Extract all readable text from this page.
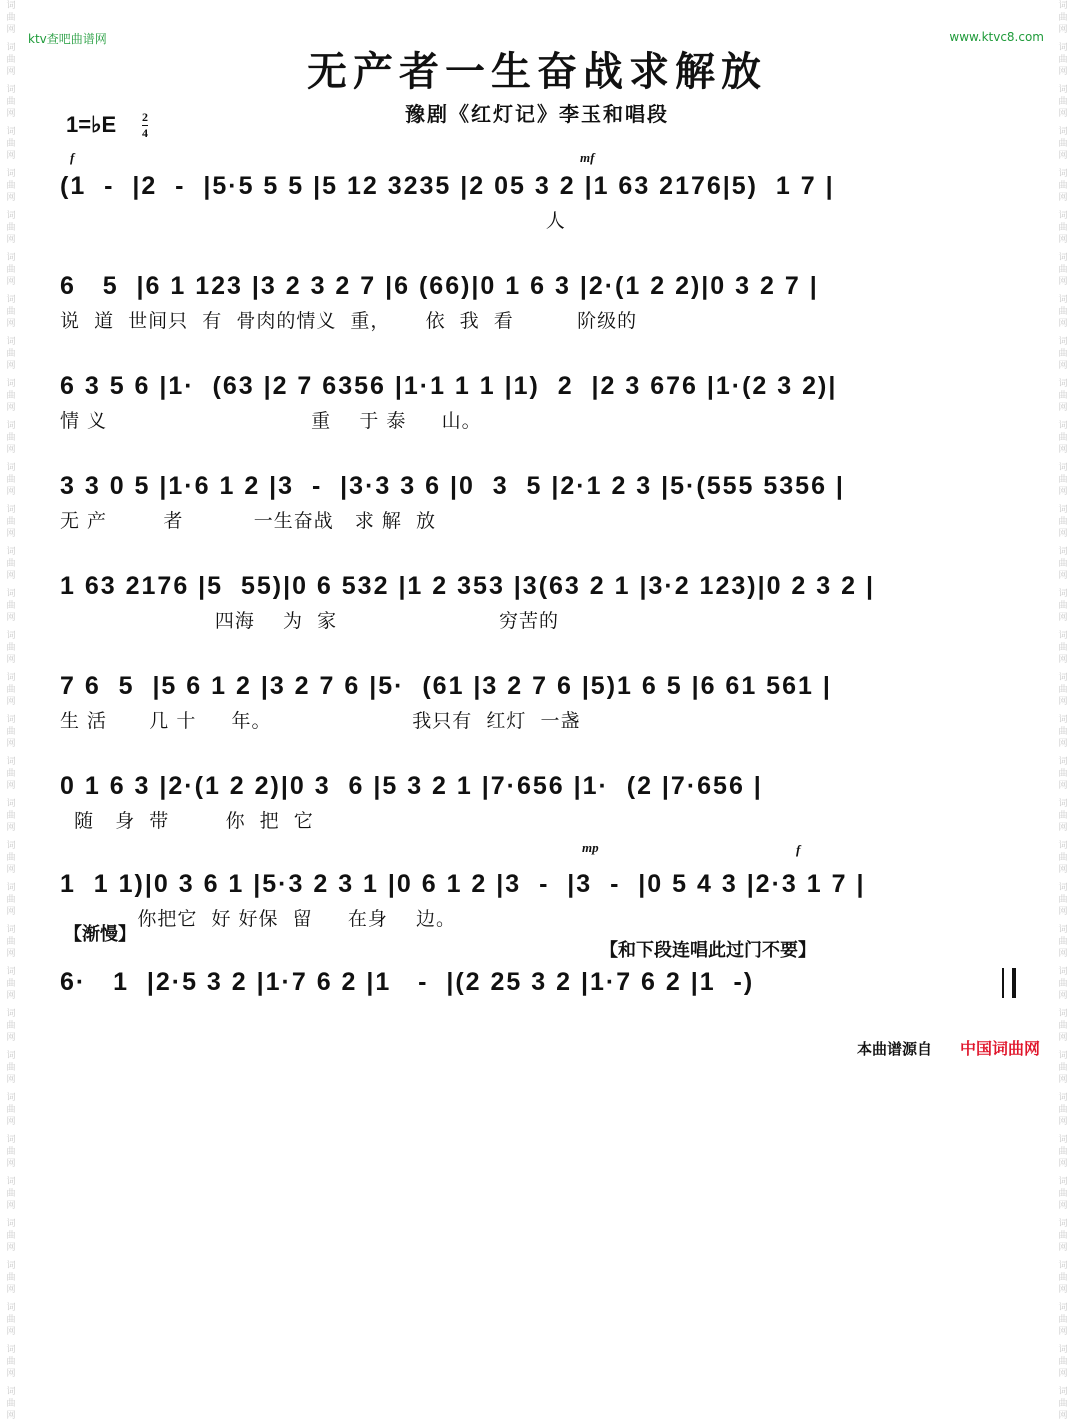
词
曲
网
词
曲
网
词
曲
网
词
曲
网
词
曲
网
词
曲
网
词
曲
网
词
曲
网
词
曲
网
词
曲
网
词
曲
网
词
曲
网
词
曲
网
词
曲
网
词
曲
网
词
曲
网
词
曲
网
词
曲
网
词
曲
网
词
曲
网
词
曲
网
词
曲
网
词
曲
网
词
曲
网
词
曲
网
词
曲
网
词
曲
网
词
曲
网
词
曲
网
词
曲
网
词
曲
网
词
曲
网
词
曲
网
词
曲
网
词
曲
网
词
曲
网
词
曲
网
词
曲
网
词
曲
网
词
曲
网
词
曲
网
词
曲
网
词
曲
网
词
曲
网
词
曲
网
词
曲
网
词
曲
网
词
曲
网
词
曲
网
词
曲
网
词
曲
网
词
曲
网
词
曲
网
词
曲
网
词
曲
网
词
曲
网
词
曲
网
词
曲
网
词
曲
网
词
曲
网
词
曲
网
词
曲
网
词
曲
网
词
曲
网
词
曲
网
词
曲
网
词
曲
网
词
曲
网
ktv查吧曲谱网	www.ktvc8.com
无产者一生奋战求解放
豫剧《红灯记》李玉和唱段
1=♭E 2
4
f	mf
mp	f
(1  -  |2  -  |5·5 5 5 |5 12 3235 |2 05 3 2 |1 63 2176|5)  1 7 |
人
6   5  |6 1 123 |3 2 3 2 7 |6 (66)|0 1 6 3 |2·(1 2 2)|0 3 2 7 |
说  道  世间只  有  骨肉的情义  重，     依  我  看         阶级的
6 3 5 6 |1·  (63 |2 7 6356 |1·1 1 1 |1)  2  |2 3 676 |1·(2 3 2)|
情 义                             重    于 泰     山。
3 3 0 5 |1·6 1 2 |3  -  |3·3 3 6 |0  3  5 |2·1 2 3 |5·(555 5356 |
无 产        者          一生奋战   求 解  放
1 63 2176 |5  55)|0 6 532 |1 2 353 |3(63 2 1 |3·2 123)|0 2 3 2 |
四海    为  家                       穷苦的
7 6  5  |5 6 1 2 |3 2 7 6 |5·  (61 |3 2 7 6 |5)1 6 5 |6 61 561 |
生 活      几 十     年。                    我只有  红灯  一盏
0 1 6 3 |2·(1 2 2)|0 3  6 |5 3 2 1 |7·656 |1·  (2 |7·656 |
随   身  带        你  把  它
1  1 1)|0 3 6 1 |5·3 2 3 1 |0 6 1 2 |3  -  |3  -  |0 5 4 3 |2·3 1 7 |
你把它  好 好保  留     在身    边。
6·   1  |2·5 3 2 |1·7 6 2 |1   -  |(2 25 3 2 |1·7 6 2 |1  -)
【渐慢】
【和下段连唱此过门不要】
本曲谱源自 中国词曲网
